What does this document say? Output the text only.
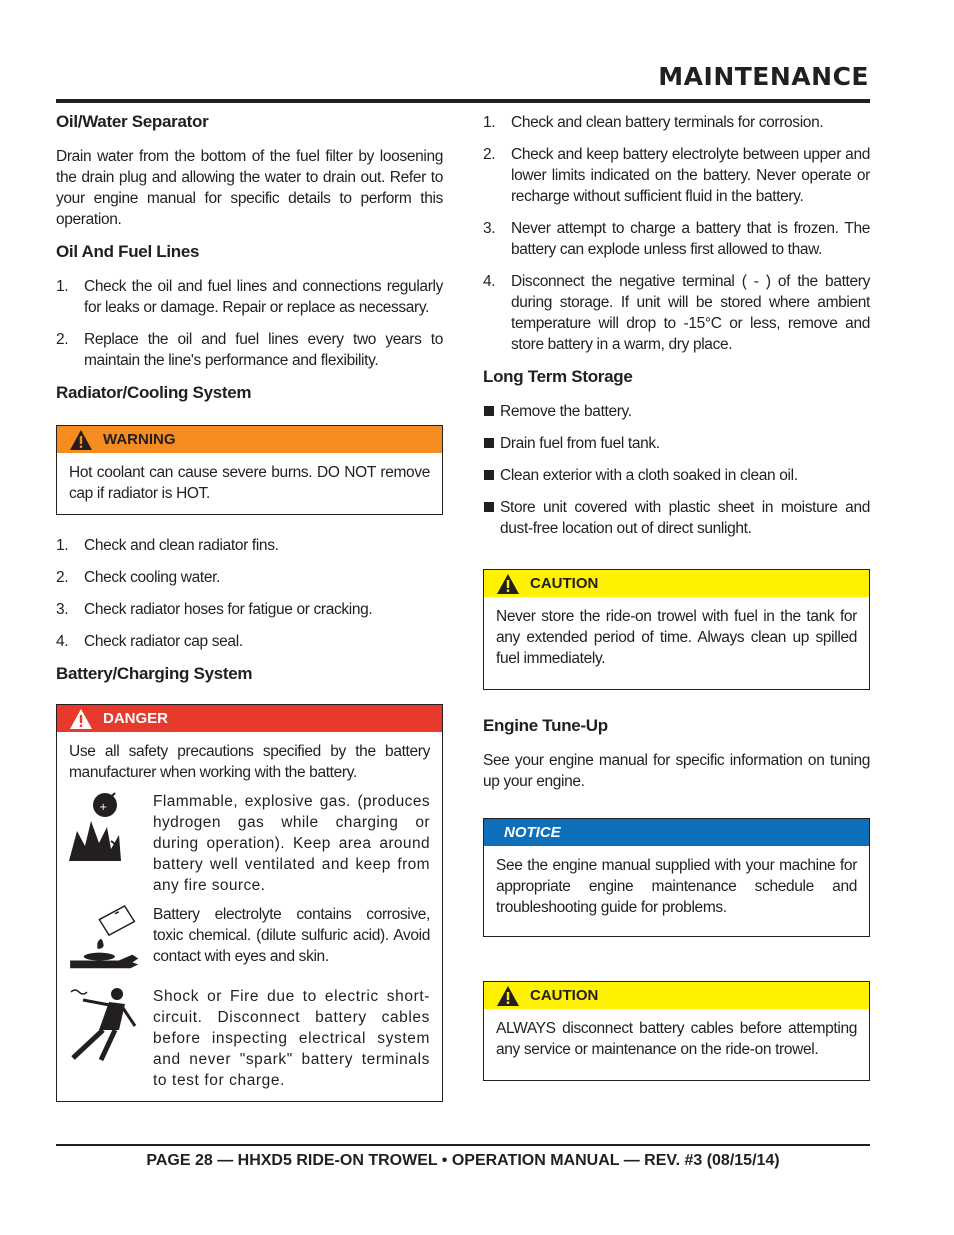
MAINTENANCE
Oil/Water Separator

Drain water from the bottom of the fuel filter by loosening the drain plug and allowing the water to drain out. Refer to your engine manual for specific details to perform this operation.

Oil And Fuel Lines
1. Check the oil and fuel lines and connections regularly for leaks or damage. Repair or replace as necessary.
2. Replace the oil and fuel lines every two years to maintain the line's performance and flexibility.
Radiator/Cooling System
WARNING

Hot coolant can cause severe burns. DO NOT remove cap if radiator is HOT.

1. Check and clean radiator fins.
2. Check cooling water.
3. Check radiator hoses for fatigue or cracking.
4. Check radiator cap seal.
Battery/Charging System
DANGER

Use all safety precautions specified by the battery manufacturer when working with the battery.

+	Flammable, explosive gas. (produces hydrogen gas while charging or during operation). Keep area around battery well ventilated and keep from any fire source.

Battery electrolyte contains corrosive, toxic chemical. (dilute sulfuric acid). Avoid contact with eyes and skin.

Shock or Fire due to electric short-circuit. Disconnect battery cables before inspecting electrical system and never "spark" battery terminals to test for charge.

1. Check and clean battery terminals for corrosion.
2. Check and keep battery electrolyte between upper and lower limits indicated on the battery. Never operate or recharge without sufficient fluid in the battery.
3. Never attempt to charge a battery that is frozen. The battery can explode unless first allowed to thaw.
4. Disconnect the negative terminal ( - ) of the battery during storage. If unit will be stored where ambient temperature will drop to -15°C or less, remove and store battery in a warm, dry place.
Long Term Storage
Remove the battery.
Drain fuel from fuel tank.
Clean exterior with a cloth soaked in clean oil.
Store unit covered with plastic sheet in moisture and dust-free location out of direct sunlight.
CAUTION

Never store the ride-on trowel with fuel in the tank for any extended period of time. Always clean up spilled fuel immediately.

Engine Tune-Up

See your engine manual for specific information on tuning up your engine.

NOTICE

See the engine manual supplied with your machine for appropriate engine maintenance schedule and troubleshooting guide for problems.

CAUTION

ALWAYS disconnect battery cables before attempting any service or maintenance on the ride-on trowel.

PAGE 28 — HHXD5 RIDE-ON TROWEL • OPERATION MANUAL — REV. #3 (08/15/14)
